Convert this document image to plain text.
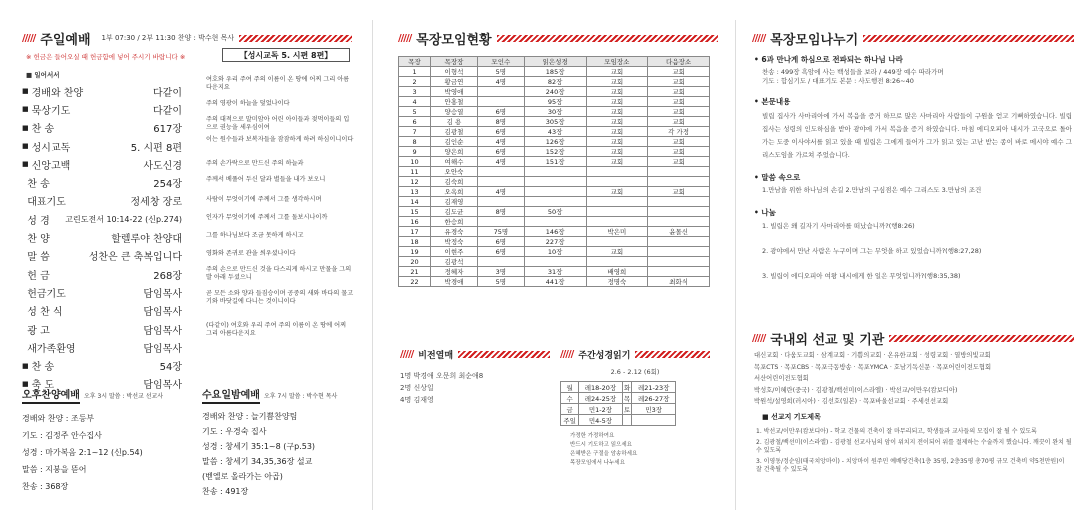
///// 주일예배 1부 07:30 / 2부 11:30 찬양 : 박수현 목사
※ 헌금은 들어오실 때 헌금함에 넣어 주시기 바랍니다 ※	【성시교독 5. 시편 8편】
■ 일어서서
■ 경배와 찬양	다같이
■ 묵상기도	다같이
■ 찬 송	617장
■ 성시교독	5. 시편 8편
■ 신앙고백	사도신경

찬 송	254장

대표기도	정세창 장로

성 경 고린도전서 10:14-22 (신p.274)

찬 양	할렐루야 찬양대

말 씀	성찬은 큰 축복입니다

헌 금	268장

헌금기도	담임목사

성 찬 식	담임목사

광 고	담임목사

새가족환영	담임목사
■ 찬 송	54장
■ 축 도	담임목사
여호와 우리 주여 주의 이름이 온 땅에 어찌 그리 아름다운지요
주의 영광이 하늘을 덮었나이다
주의 대적으로 말미암아 어린 아이들과 젖먹이들의 입으로 권능을 세우심이여
이는 원수들과 보복자들을 잠잠하게 하려 하심이니이다
주의 손가락으로 만드신 주의 하늘과
주께서 베풀어 두신 달과 별들을 내가 보오니
사람이 무엇이기에 주께서 그를 생각하시며
인자가 무엇이기에 주께서 그를 돌보시나이까
그를 하나님보다 조금 못하게 하시고
영화와 존귀로 관을 씌우셨나이다
주의 손으로 만드신 것을 다스리게 하시고 만물을 그의 발 아래 두셨으니
곧 모든 소와 양과 들짐승이며 공중의 새와 바다의 물고기와 바닷길에 다니는 것이니이다
(다같이) 여호와 우리 주여 주의 이름이 온 땅에 어찌 그리 아름다운지요
오후찬양예배 오후 3시 말씀 : 박선교 선교사
경배와 찬양 : 조등부
기도 : 김정주 안수집사
성경 : 마가복음 2:1~12 (신p.54)
말씀 : 지붕을 뜯어
찬송 : 368장
수요일밤예배 오후 7시 말씀 : 박수현 목사
경배와 찬양 : 늘기쁨찬양팀
기도 : 우경숙 집사
성경 : 창세기 35:1~8 (구p.53)
말씀 : 창세기 34,35,36장 설교
(벧엘로 올라가는 아곱)
찬송 : 491장
///// 목장모임현황
목장	목장장	모인수	읽은성경	모임장소	다음장소
1	이형석	5명	185장	교회	교회
2	황금연	4명	82장	교회	교회
3	박영애		240장	교회	교회
4	안홍철		95장	교회	교회
5	양승열	6명	30장	교회	교회
6	김 용	8명	305장	교회	교회
7	김광철	6명	43장	교회	각 가정
8	김인순	4명	126장	교회	교회
9	양은희	6명	152장	교회	교회
10	여해수	4명	151장	교회	교회
11	오안숙				
12	김숙희				
13	오옥희	4명		교회	교회
14	김재영				
15	김도균	8명	50장		
16	한승희				
17	유경숙	75명	146장	박은미	윤몰신
18	박정숙	6명	227장		
19	이현주	6명	10장	교회	
20	김광석				
21	정혜자	3명	31장	배영희	
22	박경애	5명	441장	정명숙	최화식
///// 비전열매
1명 박경애 오문희 최순애8
2명 신상일
4명 김재영
///// 주간성경읽기
2.6 - 2.12 (6회)
월	레18-20장	화	레21-23장
수	레24-25장	목	레26-27장
금	민1-2장	토	민3장
주일	민4-5장		
가정한 가정하여요
반드시 기도하고 읽으세요
은혜받은 구절을 암송하세요
목장모임에서 나누세요
///// 목장모임나누기
• 6과 만나게 하심으로 전파되는 하나님 나라
찬송 : 499장 흑암에 사는 백성들을 보라 / 449장 예수 따라가며
기도 : 합심기도 / 대표기도 본문 : 사도행전 8:26~40
• 본문내용
빌립 집사가 사마리아에 가서 복음을 증거 하므로 많은 사마리아 사람들이 구원을 얻고 기뻐하였습니다. 빌립 집사는 성령의 인도하심을 받아 광야에 가서 복음을 증거 하였습니다. 마침 에디오피아 내시가 고국으로 돌아가는 도중 이사야서를 읽고 있을 때 빌립은 그에게 들어가 그가 읽고 있는 고난 받는 종이 바로 메시야 예수 그리스도임을 가르쳐 주었습니다.
• 말씀 속으로
1.만남을 위한 하나님의 손길 2.만남의 구심점은 예수 그리스도 3.만남의 조건
• 나눔
1. 빌립은 왜 길자기 사마리아를 떠났습니까?(행8:26)
2. 광야에서 만난 사람은 누구이며 그는 무엇을 하고 있었습니까?(행8:27,28)
3. 빌립이 에디오피아 여왕 내시에게 한 일은 무엇입니까?(행8:35,38)
///// 국내외 선교 및 기관
대신교회 · 다움도교회 · 삼계교회 · 기쁨의교회 · 온유한교회 · 성령교회 · 열방의빛교회
목포CTS · 목포CBS · 목포극동방송 · 목포YMCA · 호남기독신문 · 목포어린이전도협회
서산어린이전도협회
박성호/이혜란(중국) · 김광철/백선미(이스라엘) · 박선교/이만우(캄보디아)
박원석/설영희(러시아) · 김선호(일본) · 목포바울선교회 · 주세선선교회
■ 선교지 기도제목
1. 박선교/이만우(캄보디아) - 학교 건물의 건축이 잘 마무리되고, 학생들과 교사들의 모집이 잘 될 수 있도록
2. 김광철/백선미(이스라엘) - 김광철 선교사님의 암이 위치지 전이되어 위를 절제하는 수술까지 했습니다. 깨끗이 완치 될 수 있도록
3. 이영동/정순임(태국치앙마이) - 치앙마이 원주민 예배당건축(1층 35평, 2층35평 총70평 규모 건축비 약5천만원)이 잘 건축될 수 있도록
